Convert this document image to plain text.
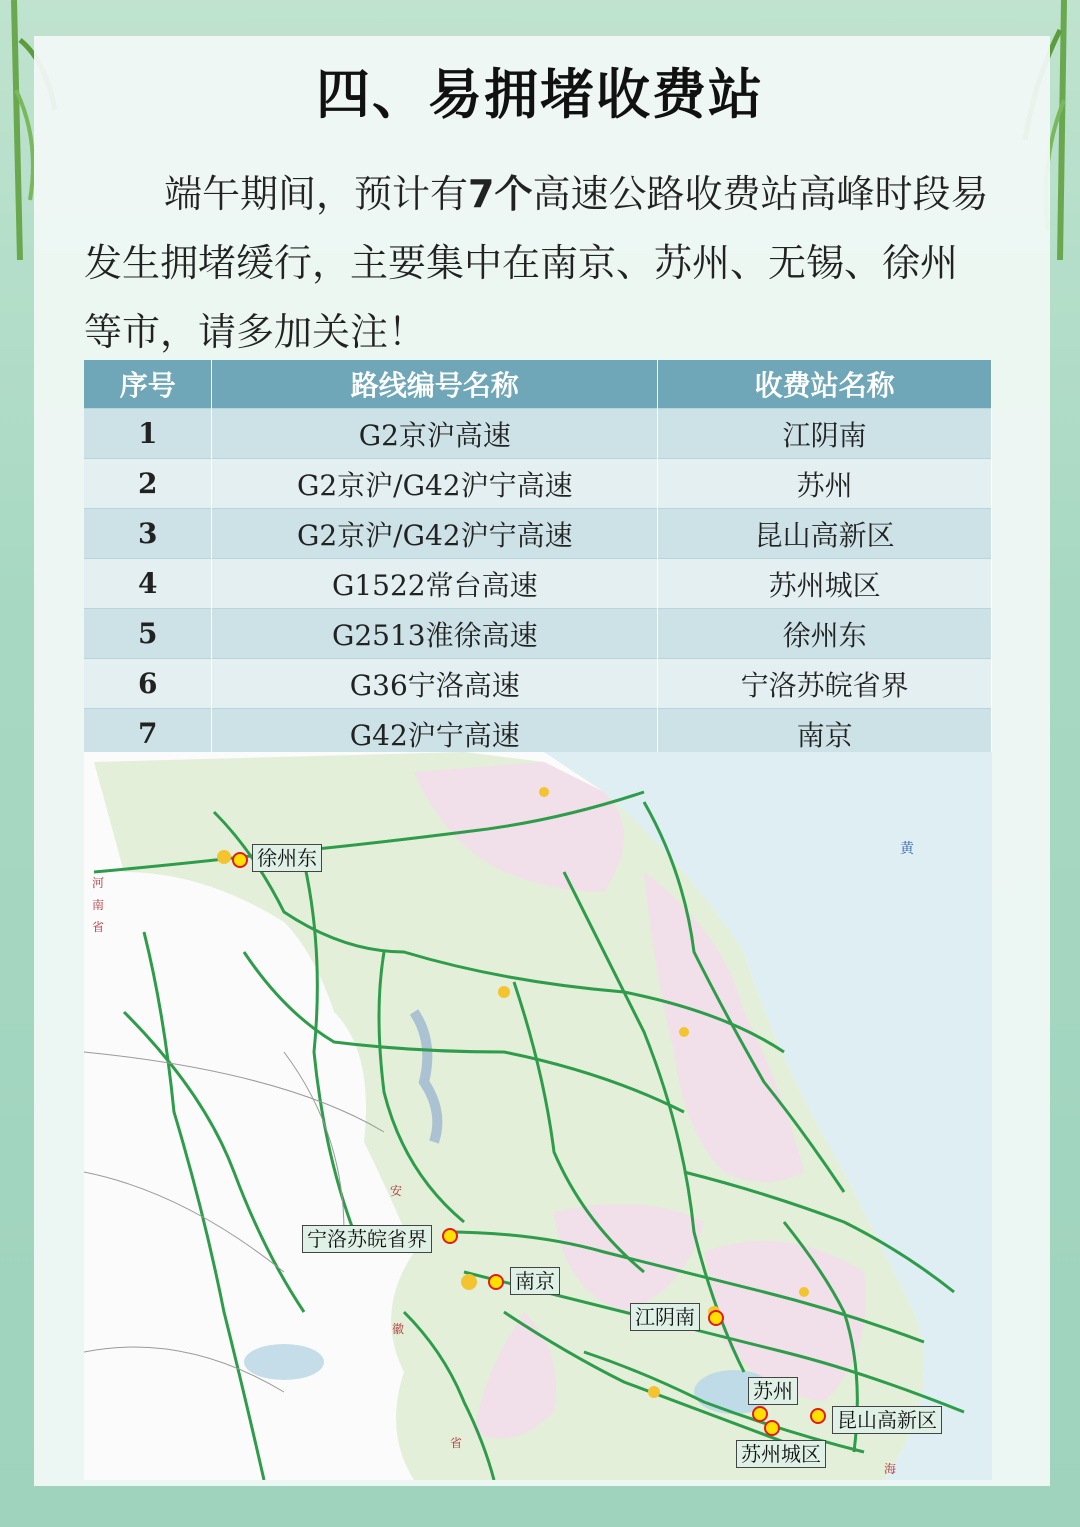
四、易拥堵收费站
端午期间，预计有7个高速公路收费站高峰时段易发生拥堵缓行，主要集中在南京、苏州、无锡、徐州等市，请多加关注！
序号	路线编号名称	收费站名称
1	G2京沪高速	江阴南
2	G2京沪/G42沪宁高速	苏州
3	G2京沪/G42沪宁高速	昆山高新区
4	G1522常台高速	苏州城区
5	G2513淮徐高速	徐州东
6	G36宁洛高速	宁洛苏皖省界
7	G42沪宁高速	南京
黄
河南省
安
徽
省
海
徐州东
宁洛苏皖省界
南京
江阴南
苏州
昆山高新区
苏州城区
